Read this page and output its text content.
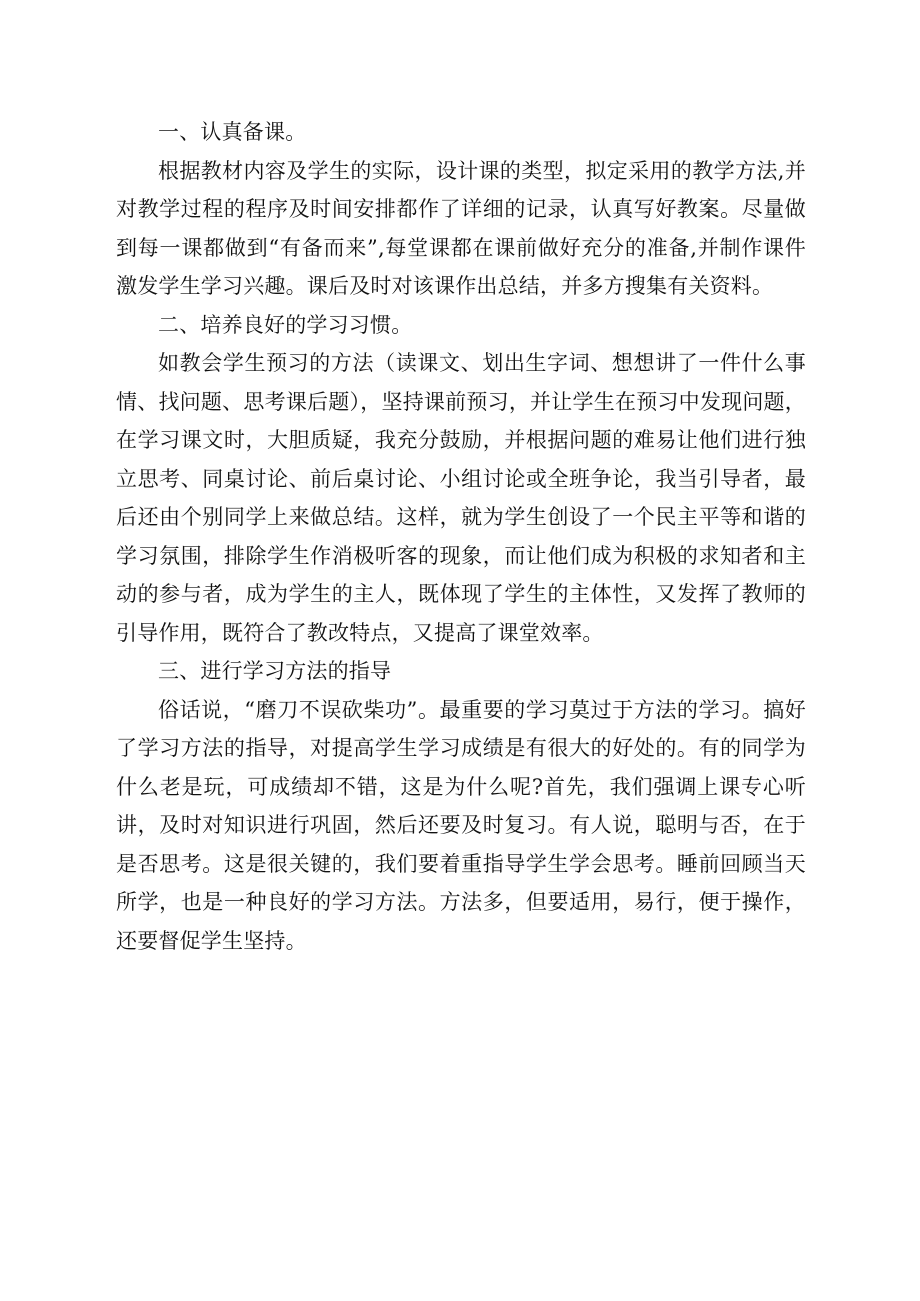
一、认真备课。

根据教材内容及学生的实际，设计课的类型，拟定采用的教学方法,并对教学过程的程序及时间安排都作了详细的记录，认真写好教案。尽量做到每一课都做到“有备而来”,每堂课都在课前做好充分的准备,并制作课件激发学生学习兴趣。课后及时对该课作出总结，并多方搜集有关资料。

二、培养良好的学习习惯。

如教会学生预习的方法（读课文、划出生字词、想想讲了一件什么事情、找问题、思考课后题），坚持课前预习，并让学生在预习中发现问题，在学习课文时，大胆质疑，我充分鼓励，并根据问题的难易让他们进行独立思考、同桌讨论、前后桌讨论、小组讨论或全班争论，我当引导者，最后还由个别同学上来做总结。这样，就为学生创设了一个民主平等和谐的学习氛围，排除学生作消极听客的现象，而让他们成为积极的求知者和主动的参与者，成为学生的主人，既体现了学生的主体性，又发挥了教师的引导作用，既符合了教改特点，又提高了课堂效率。

三、进行学习方法的指导

俗话说，“磨刀不误砍柴功”。最重要的学习莫过于方法的学习。搞好了学习方法的指导，对提高学生学习成绩是有很大的好处的。有的同学为什么老是玩，可成绩却不错，这是为什么呢?首先，我们强调上课专心听讲，及时对知识进行巩固，然后还要及时复习。有人说，聪明与否，在于是否思考。这是很关键的，我们要着重指导学生学会思考。睡前回顾当天所学，也是一种良好的学习方法。方法多，但要适用，易行，便于操作，还要督促学生坚持。
